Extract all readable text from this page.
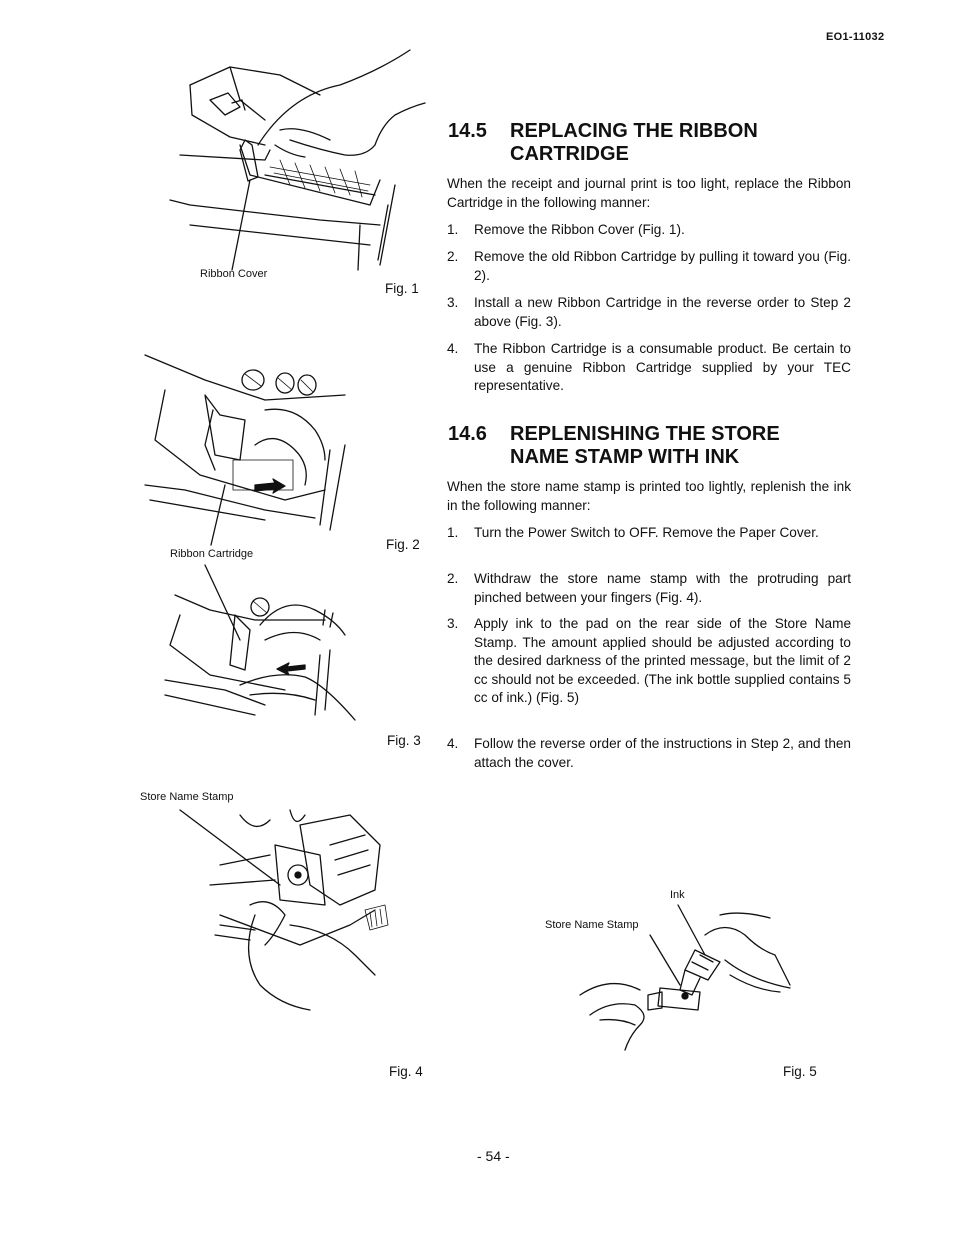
EO1-11032
Ribbon Cover
Fig. 1
Ribbon Cartridge
Fig. 2
Fig. 3
Store Name Stamp
Fig. 4
14.5 REPLACING THE RIBBON
CARTRIDGE
When the receipt and journal print is too light, replace the Ribbon Cartridge in the following manner:
1.	Remove the Ribbon Cover (Fig. 1).
2.	Remove the old Ribbon Cartridge by pulling it toward you (Fig. 2).
3.	Install a new Ribbon Cartridge in the reverse order to Step 2 above (Fig. 3).
4.	The Ribbon Cartridge is a consumable product. Be certain to use a genuine Ribbon Cartridge supplied by your TEC representative.
14.6 REPLENISHING THE STORE
NAME STAMP WITH INK
When the store name stamp is printed too lightly, replenish the ink in the following manner:
1.	Turn the Power Switch to OFF. Remove the Paper Cover.
2.	Withdraw the store name stamp with the protruding part pinched between your fingers (Fig. 4).
3.	Apply ink to the pad on the rear side of the Store Name Stamp. The amount applied should be adjusted according to the desired darkness of the printed message, but the limit of 2 cc should not be exceeded. (The ink bottle supplied contains 5 cc of ink.) (Fig. 5)
4.	Follow the reverse order of the instructions in Step 2, and then attach the cover.
Ink
Store Name Stamp
Fig. 5
- 54 -
